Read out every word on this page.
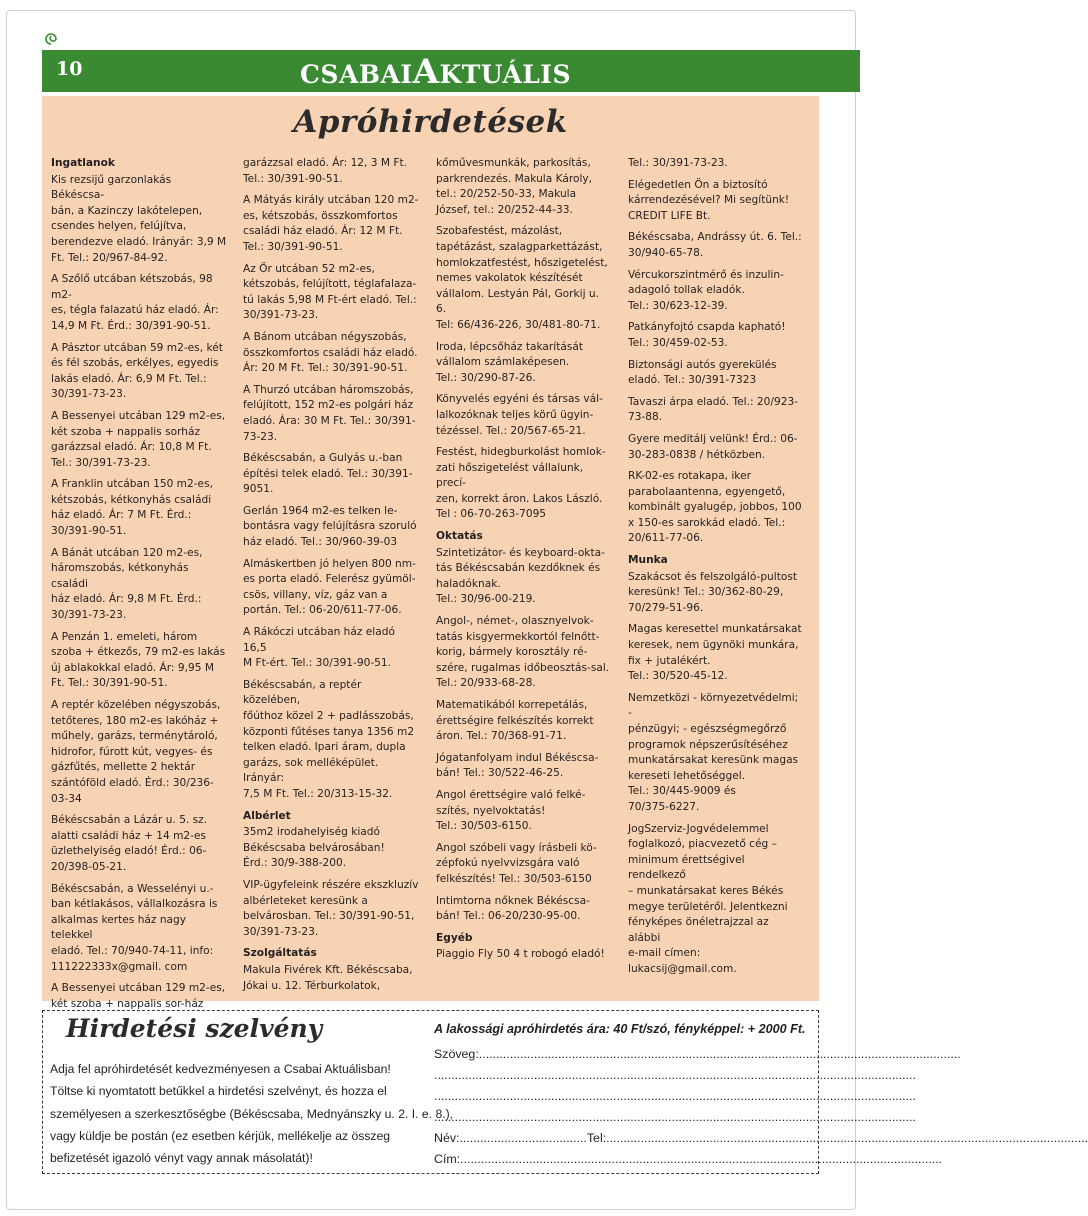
10	CSABAIAKTUÁLIS
Apróhirdetések
Ingatlanok
Kis rezsijű garzonlakás Békéscsa-
bán, a Kazinczy lakótelepen,
csendes helyen, felújítva,
berendezve eladó. Irányár: 3,9 M
Ft. Tel.: 20/967-84-92.
A Szőlő utcában kétszobás, 98 m2-
es, tégla falazatú ház eladó. Ár:
14,9 M Ft. Érd.: 30/391-90-51.
A Pásztor utcában 59 m2-es, két
és fél szobás, erkélyes, egyedis
lakás eladó. Ár: 6,9 M Ft. Tel.:
30/391-73-23.
A Bessenyei utcában 129 m2-es,
két szoba + nappalis sorház
garázzsal eladó. Ár: 10,8 M Ft.
Tel.: 30/391-73-23.
A Franklin utcában 150 m2-es,
kétszobás, kétkonyhás családi
ház eladó. Ár: 7 M Ft. Érd.:
30/391-90-51.
A Bánát utcában 120 m2-es,
háromszobás, kétkonyhás családi
ház eladó. Ár: 9,8 M Ft. Érd.:
30/391-73-23.
A Penzán 1. emeleti, három
szoba + étkezős, 79 m2-es lakás
új ablakokkal eladó. Ár: 9,95 M
Ft. Tel.: 30/391-90-51.
A reptér közelében négyszobás,
tetőteres, 180 m2-es lakóház +
műhely, garázs, terménytároló,
hidrofor, fúrott kút, vegyes- és
gázfűtés, mellette 2 hektár
szántóföld eladó. Érd.: 30/236-
03-34
Békéscsabán a Lázár u. 5. sz.
alatti családi ház + 14 m2-es
üzlethelyiség eladó! Érd.: 06-
20/398-05-21.
Békéscsabán, a Wesselényi u.-
ban kétlakásos, vállalkozásra is
alkalmas kertes ház nagy telekkel
eladó. Tel.: 70/940-74-11, info:
111222333x@gmail. com
A Bessenyei utcában 129 m2-es,
két szoba + nappalis sor-ház
garázzsal eladó. Ár: 12, 3 M Ft.
Tel.: 30/391-90-51.
A Mátyás király utcában 120 m2-
es, kétszobás, összkomfortos
családi ház eladó. Ár: 12 M Ft.
Tel.: 30/391-90-51.
Az Őr utcában 52 m2-es,
kétszobás, felújított, téglafalaza-
tú lakás 5,98 M Ft-ért eladó. Tel.:
30/391-73-23.
A Bánom utcában négyszobás,
összkomfortos családi ház eladó.
Ár: 20 M Ft. Tel.: 30/391-90-51.
A Thurzó utcában háromszobás,
felújított, 152 m2-es polgári ház
eladó. Ára: 30 M Ft. Tel.: 30/391-
73-23.
Békéscsabán, a Gulyás u.-ban
építési telek eladó. Tel.: 30/391-
9051.
Gerlán 1964 m2-es telken le-
bontásra vagy felújításra szoruló
ház eladó. Tel.: 30/960-39-03
Almáskertben jó helyen 800 nm-
es porta eladó. Felerész gyümöl-
csös, villany, víz, gáz van a
portán. Tel.: 06-20/611-77-06.
A Rákóczi utcában ház eladó 16,5
M Ft-ért. Tel.: 30/391-90-51.
Békéscsabán, a reptér közelében,
főúthoz közel 2 + padlásszobás,
központi fűtéses tanya 1356 m2
telken eladó. Ipari áram, dupla
garázs, sok melléképület. Irányár:
7,5 M Ft. Tel.: 20/313-15-32.
Albérlet
35m2 irodahelyiség kiadó
Békéscsaba belvárosában!
Érd.: 30/9-388-200.
VIP-ügyfeleink részére ekszkluzív
albérleteket keresünk a
belvárosban. Tel.: 30/391-90-51,
30/391-73-23.
Szolgáltatás
Makula Fivérek Kft. Békéscsaba,
Jókai u. 12. Térburkolatok,
kőművesmunkák, parkosítás,
parkrendezés. Makula Károly,
tel.: 20/252-50-33, Makula
József, tel.: 20/252-44-33.
Szobafestést, mázolást,
tapétázást, szalagparkettázást,
homlokzatfestést, hőszigetelést,
nemes vakolatok készítését
vállalom. Lestyán Pál, Gorkij u. 6.
Tel: 66/436-226, 30/481-80-71.
Iroda, lépcsőház takarítását
vállalom számlaképesen.
Tel.: 30/290-87-26.
Könyvelés egyéni és társas vál-
lalkozóknak teljes körű ügyin-
tézéssel. Tel.: 20/567-65-21.
Festést, hidegburkolást homlok-
zati hőszigetelést vállalunk, precí-
zen, korrekt áron. Lakos László.
Tel : 06-70-263-7095
Oktatás
Szintetizátor- és keyboard-okta-
tás Békéscsabán kezdőknek és
haladóknak.
Tel.: 30/96-00-219.
Angol-, német-, olasznyelvok-
tatás kisgyermekkortól felnőtt-
korig, bármely korosztály ré-
szére, rugalmas időbeosztás-sal.
Tel.: 20/933-68-28.
Matematikából korrepetálás,
érettségire felkészítés korrekt
áron. Tel.: 70/368-91-71.
Jógatanfolyam indul Békéscsa-
bán! Tel.: 30/522-46-25.
Angol érettségire való felké-
szítés, nyelvoktatás!
Tel.: 30/503-6150.
Angol szóbeli vagy írásbeli kö-
zépfokú nyelvvizsgára való
felkészítés! Tel.: 30/503-6150
Intimtorna nőknek Békéscsa-
bán! Tel.: 06-20/230-95-00.
Egyéb
Piaggio Fly 50 4 t robogó eladó!
Tel.: 30/391-73-23.
Elégedetlen Ön a biztosító
kárrendezésével? Mi segítünk!
CREDIT LIFE Bt.
Békéscsaba, Andrássy út. 6. Tel.:
30/940-65-78.
Vércukorszintmérő és inzulin-
adagoló tollak eladók.
Tel.: 30/623-12-39.
Patkányfojtó csapda kapható!
Tel.: 30/459-02-53.
Biztonsági autós gyerekülés
eladó. Tel.: 30/391-7323
Tavaszi árpa eladó. Tel.: 20/923-
73-88.
Gyere meditálj velünk! Érd.: 06-
30-283-0838 / hétközben.
RK-02-es rotakapa, iker
parabolaantenna, egyengető,
kombinált gyalugép, jobbos, 100
x 150-es sarokkád eladó. Tel.:
20/611-77-06.
Munka
Szakácsot és felszolgáló-pultost
keresünk! Tel.: 30/362-80-29,
70/279-51-96.
Magas keresettel munkatársakat
keresek, nem ügynöki munkára,
fix + jutalékért.
Tel.: 30/520-45-12.
Nemzetközi - környezetvédelmi; -
pénzügyi; - egészségmegőrző
programok népszerűsítéséhez
munkatársakat keresünk magas
kereseti lehetőséggel.
Tel.: 30/445-9009 és
70/375-6227.
JogSzerviz-Jogvédelemmel
foglalkozó, piacvezető cég –
minimum érettségivel rendelkező
– munkatársakat keres Békés
megye területéről. Jelentkezni
fényképes önéletrajzzal az alábbi
e-mail címen:
lukacsij@gmail.com.
Hirdetési szelvény

Adja fel apróhirdetését kedvezményesen a Csabai Aktuálisban!

Töltse ki nyomtatott betűkkel a hirdetési szelvényt, és hozza el

személyesen a szerkesztőségbe (Békéscsaba, Mednyánszky u. 2. I. e. 8.),

vagy küldje be postán (ez esetben kérjük, mellékelje az összeg

befizetését igazoló vényt vagy annak másolatát)!

A lakossági apróhirdetés ára: 40 Ft/szó, fényképpel: + 2000 Ft.
Szöveg:............................................................................................................................................
............................................................................................................................................
............................................................................................................................................
............................................................................................................................................
Név:.....................................Tel:............................................................................................................................................
Cím:............................................................................................................................................
